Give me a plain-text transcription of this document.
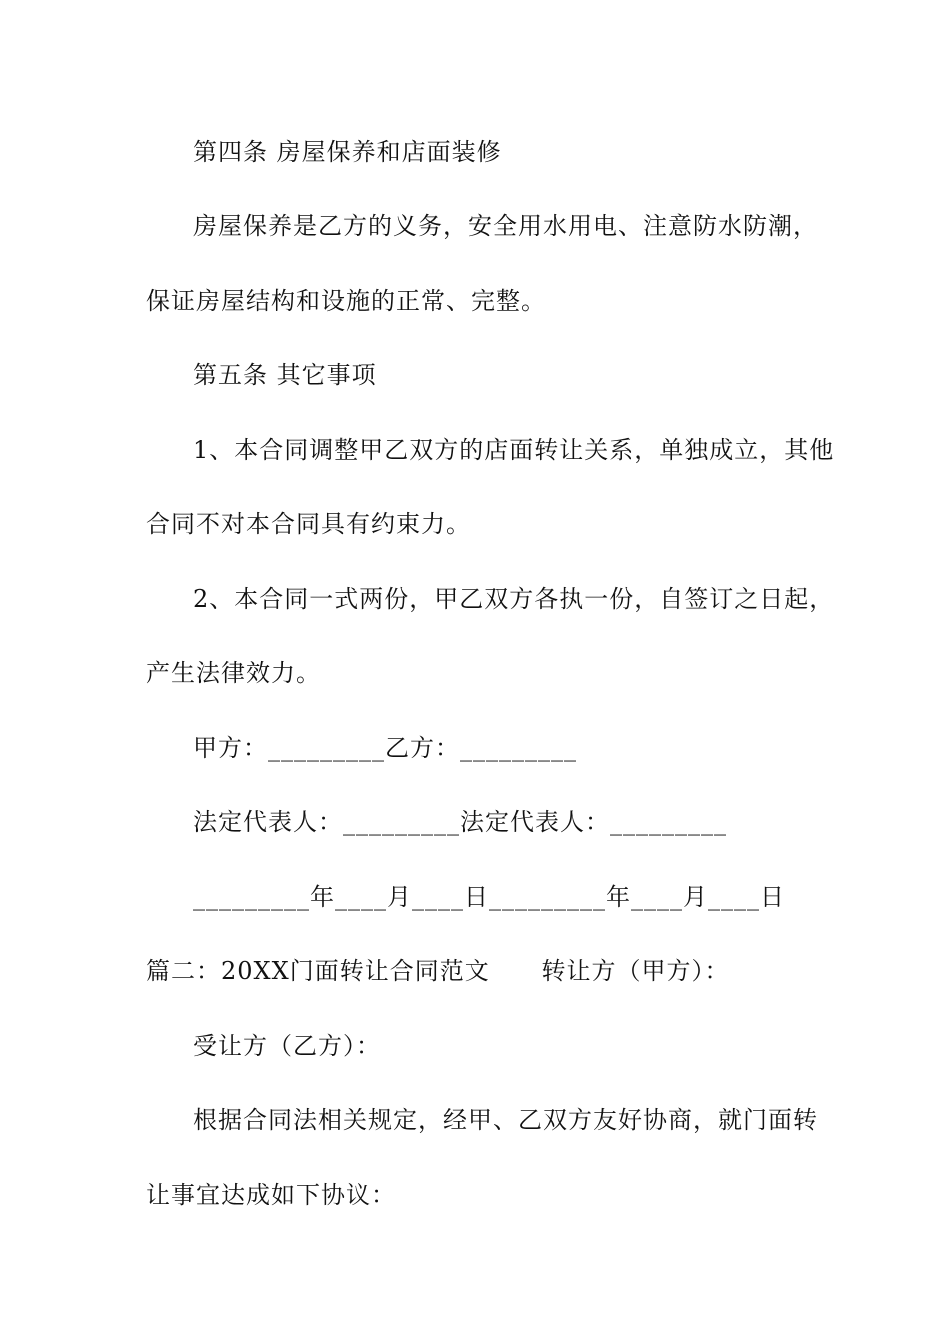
第四条 房屋保养和店面装修
房屋保养是乙方的义务，安全用水用电、注意防水防潮，
保证房屋结构和设施的正常、完整。
第五条 其它事项
1、本合同调整甲乙双方的店面转让关系，单独成立，其他
合同不对本合同具有约束力。
2、本合同一式两份，甲乙双方各执一份，自签订之日起，
产生法律效力。
甲方：_________乙方：_________
法定代表人：_________法定代表人：_________
_________年____月____日_________年____月____日
篇二：20XX门面转让合同范文      转让方（甲方）：
受让方（乙方）：
根据合同法相关规定，经甲、乙双方友好协商，就门面转
让事宜达成如下协议：
